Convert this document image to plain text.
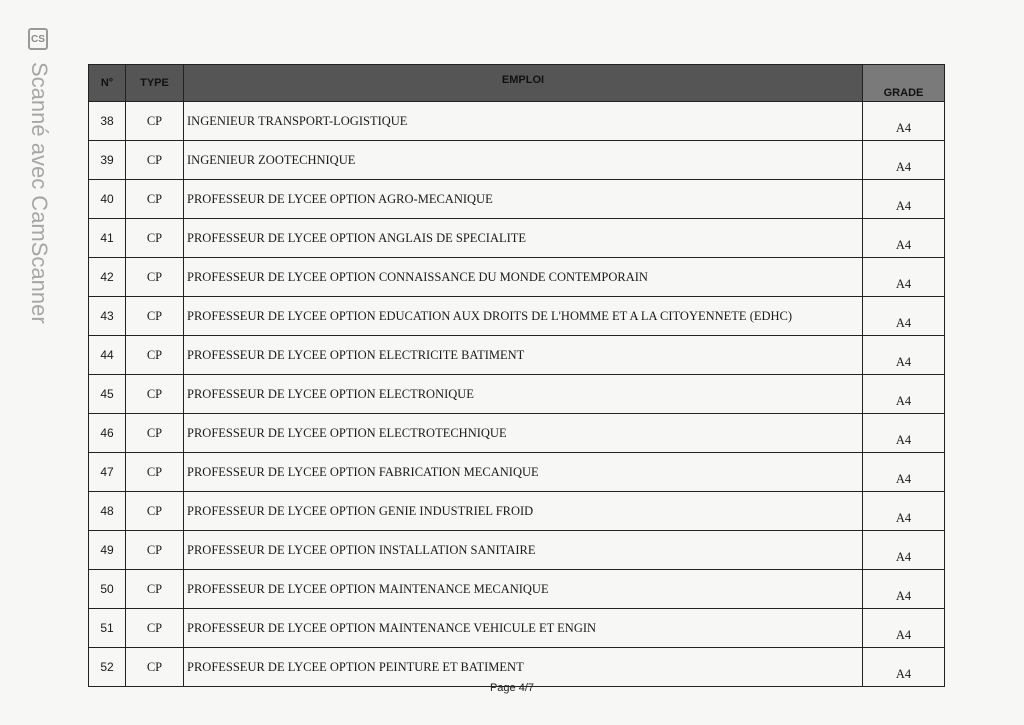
CS
Scanné avec CamScanner	N°	TYPE	EMPLOI	GRADE
38	CP	INGENIEUR TRANSPORT-LOGISTIQUE	A4
39	CP	INGENIEUR ZOOTECHNIQUE	A4
40	CP	PROFESSEUR DE LYCEE OPTION AGRO-MECANIQUE	A4
41	CP	PROFESSEUR DE LYCEE OPTION ANGLAIS DE SPECIALITE	A4
42	CP	PROFESSEUR DE LYCEE OPTION CONNAISSANCE DU MONDE CONTEMPORAIN	A4
43	CP	PROFESSEUR DE LYCEE OPTION EDUCATION AUX DROITS DE L'HOMME ET A LA CITOYENNETE (EDHC)	A4
44	CP	PROFESSEUR DE LYCEE OPTION ELECTRICITE BATIMENT	A4
45	CP	PROFESSEUR DE LYCEE OPTION ELECTRONIQUE	A4
46	CP	PROFESSEUR DE LYCEE OPTION ELECTROTECHNIQUE	A4
47	CP	PROFESSEUR DE LYCEE OPTION FABRICATION MECANIQUE	A4
48	CP	PROFESSEUR DE LYCEE OPTION GENIE INDUSTRIEL FROID	A4
49	CP	PROFESSEUR DE LYCEE OPTION INSTALLATION SANITAIRE	A4
50	CP	PROFESSEUR DE LYCEE OPTION MAINTENANCE MECANIQUE	A4
51	CP	PROFESSEUR DE LYCEE OPTION MAINTENANCE VEHICULE ET ENGIN	A4
52	CP	PROFESSEUR DE LYCEE OPTION PEINTURE ET BATIMENT	A4
Page 4/7
